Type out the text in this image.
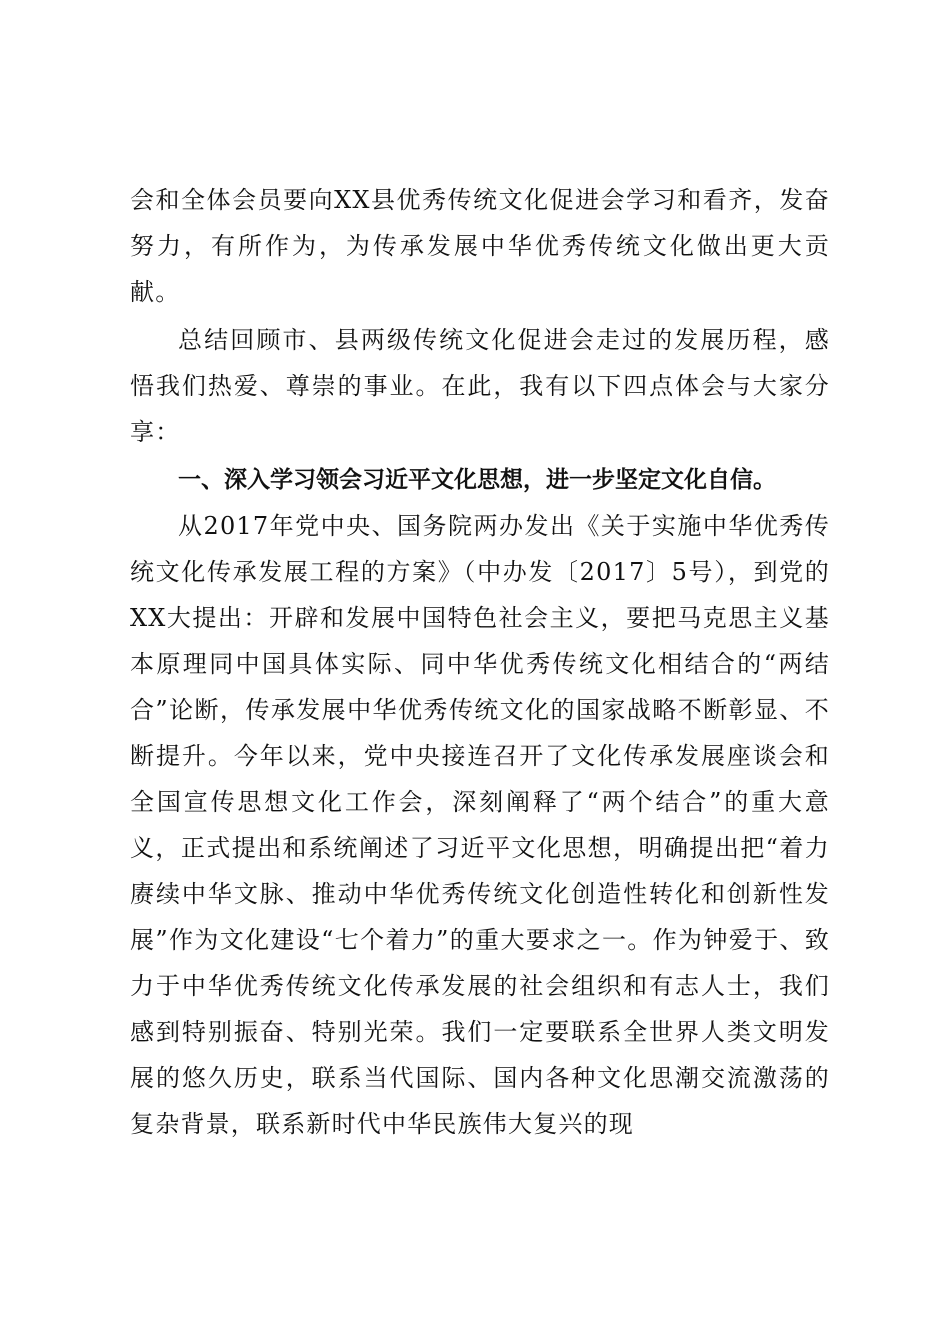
会和全体会员要向XX县优秀传统文化促进会学习和看齐，发奋努力，有所作为，为传承发展中华优秀传统文化做出更大贡献。
总结回顾市、县两级传统文化促进会走过的发展历程，感悟我们热爱、尊崇的事业。在此，我有以下四点体会与大家分享：
一、深入学习领会习近平文化思想，进一步坚定文化自信。
从2017年党中央、国务院两办发出《关于实施中华优秀传统文化传承发展工程的方案》（中办发〔2017〕5号），到党的XX大提出：开辟和发展中国特色社会主义，要把马克思主义基本原理同中国具体实际、同中华优秀传统文化相结合的“两结合”论断，传承发展中华优秀传统文化的国家战略不断彰显、不断提升。今年以来，党中央接连召开了文化传承发展座谈会和全国宣传思想文化工作会，深刻阐释了“两个结合”的重大意义，正式提出和系统阐述了习近平文化思想，明确提出把“着力赓续中华文脉、推动中华优秀传统文化创造性转化和创新性发展”作为文化建设“七个着力”的重大要求之一。作为钟爱于、致力于中华优秀传统文化传承发展的社会组织和有志人士，我们感到特别振奋、特别光荣。我们一定要联系全世界人类文明发展的悠久历史，联系当代国际、国内各种文化思潮交流激荡的复杂背景，联系新时代中华民族伟大复兴的现
